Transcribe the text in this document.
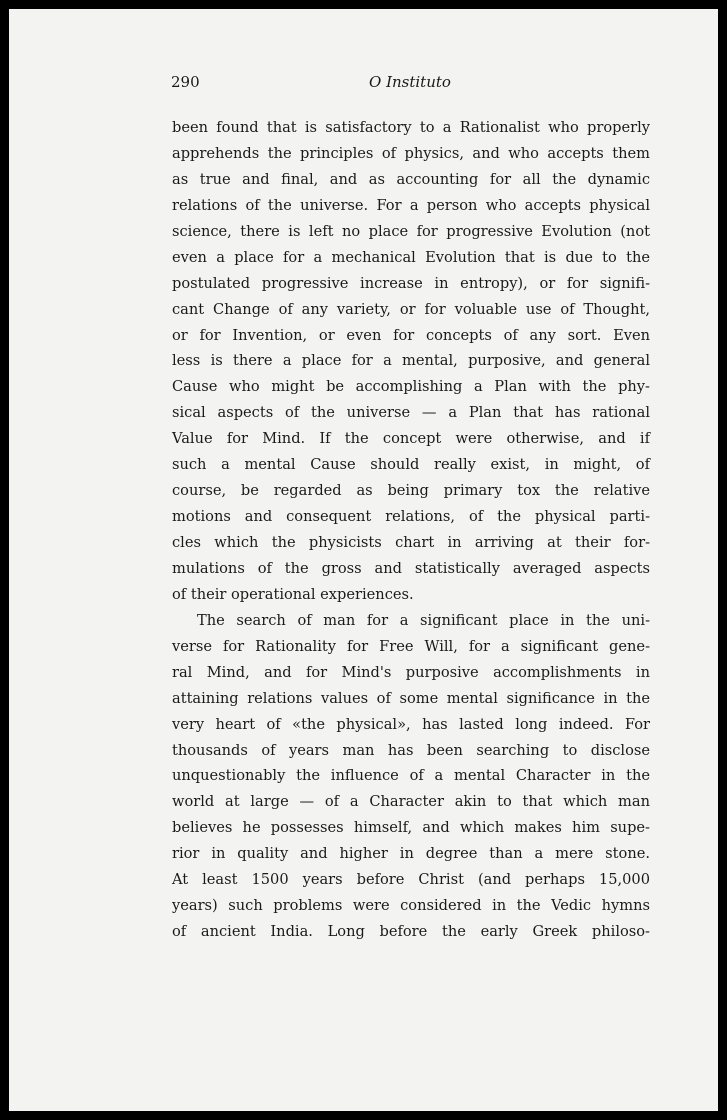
290	O Instituto
been found that is satisfactory to a Rationalist who properly
apprehends the principles of physics, and who accepts them
as true and final, and as accounting for all the dynamic
relations of the universe. For a person who accepts physical
science, there is left no place for progressive Evolution (not
even a place for a mechanical Evolution that is due to the
postulated progressive increase in entropy), or for signifi-
cant Change of any variety, or for voluable use of Thought,
or for Invention, or even for concepts of any sort. Even
less is there a place for a mental, purposive, and general
Cause who might be accomplishing a Plan with the phy-
sical aspects of the universe — a Plan that has rational
Value for Mind. If the concept were otherwise, and if
such a mental Cause should really exist, in might, of
course, be regarded as being primary tox the relative
motions and consequent relations, of the physical parti-
cles which the physicists chart in arriving at their for-
mulations of the gross and statistically averaged aspects
of their operational experiences.
The search of man for a significant place in the uni-
verse for Rationality for Free Will, for a significant gene-
ral Mind, and for Mind's purposive accomplishments in
attaining relations values of some mental significance in the
very heart of «the physical», has lasted long indeed. For
thousands of years man has been searching to disclose
unquestionably the influence of a mental Character in the
world at large — of a Character akin to that which man
believes he possesses himself, and which makes him supe-
rior in quality and higher in degree than a mere stone.
At least 1500 years before Christ (and perhaps 15,000
years) such problems were considered in the Vedic hymns
of ancient India. Long before the early Greek philoso-
